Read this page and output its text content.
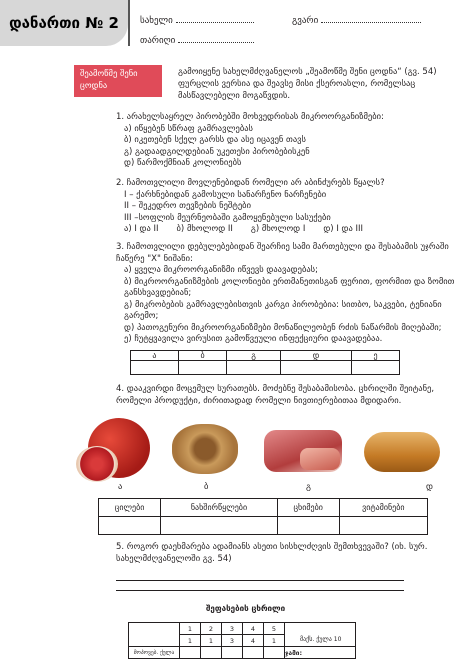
დანართი № 2 სახელი	გვარი
თარიღი
შეამოწმე შენი ცოდნა
გამოიყენე სახელმძღვანელოს „შეამოწმე შენი ცოდნა“ (გვ. 54) ფურცლის ვერსია და შეავსე მისი ქსეროასლი, რომელსაც მასწავლებელი მოგაწვდის.
1. არახელსაყრელ პირობებში მოხვედრისას მიკროორგანიზმები:
ა) იწყებენ სწრაფ გამრავლებას
ბ) იკეთებენ სქელ გარსს და ასე იცავენ თავს
გ) გადაადგილდებიან უკეთესი პირობებისკენ
დ) წარმოქმნიან კოლონიებს
2. ჩამოთვლილი მოვლენებიდან რომელი არ აბინძურებს წყალს?
I – ქარხნებიდან გამოსული სანარჩენო ნარჩენები
II – შეკედრო თევზების ნეშტები
III –სოფლის მეურნეობაში გამოყენებული სასუქები
ა) I და II ბ) მხოლოდ II გ) მხოლოდ I დ) I და III
3. ჩამოთვლილი დებულებებიდან შეარჩიე სამი მართებული და შესაბამის უჯრაში ჩაწერე "X" ნიშანი:
ა) ყველა მიკროორგანიზმი იწვევს დაავადებას;
ბ) მიკროორგანიზმების კოლონიები ერთმანეთისგან ფერით, ფორმით და ზომით განსხვავდებიან;
გ) მიკრობების გამრავლებისთვის კარგი პირობებია: სითბო, საკვები, ტენიანი გარემო;
დ) პათოგენური მიკროორგანიზმები მონაწილეობენ რძის ნაწარმის მიღებაში;
ე) ჩუტყვავილა ვირუსით გამოწვეული ინფექციური დაავადებაა.
ა	ბ	გ	დ	ე

4. დააკვირდი მოცემულ სურათებს. მოძებნე შესაბამისობა. ცხრილში შეიტანე, რომელი პროდუქტი, ძირითადად რომელი ნივთიერებითაა მდიდარი.
ა	ბ	გ	დ
ცილები	ნახშირწყლები	ცხიმები	ვიტამინები

5. როგორ დაეხმარება ადამიანს ასეთი სისხლძღვის შემთხვევაში? (იხ. სურ. სახელმძღვანელოში გვ. 54)
შეფასების ცხრილი
	1	2	3	4	5	
	1	1	3	4	1	
მოპოვებ. ქულა						ჯამი:
მაქს. ქულა 10
